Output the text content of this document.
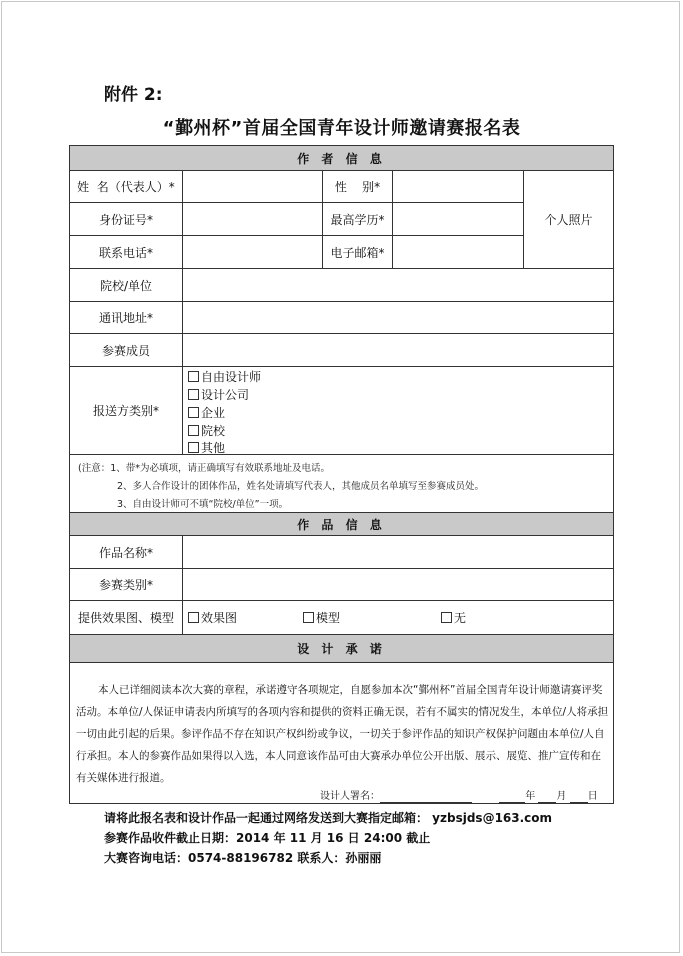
附件 2:
“鄞州杯”首届全国青年设计师邀请赛报名表
作 者 信 息
姓  名（代表人）*	性    别*
个人照片
身份证号*	最高学历*
联系电话*	电子邮箱*
院校/单位
通讯地址*
参赛成员
报送方类别*
自由设计师
设计公司
企业
院校
其他
(注意：1、带*为必填项，请正确填写有效联系地址及电话。
2、多人合作设计的团体作品，姓名处请填写代表人，其他成员名单填写至参赛成员处。
3、自由设计师可不填“院校/单位”一项。
作 品 信 息
作品名称*
参赛类别*
提供效果图、模型	效果图	模型	无
设 计 承 诺
本人已详细阅读本次大赛的章程，承诺遵守各项规定，自愿参加本次“鄞州杯”首届全国青年设计师邀请赛评奖活动。本单位/人保证申请表内所填写的各项内容和提供的资料正确无误，若有不属实的情况发生，本单位/人将承担一切由此引起的后果。参评作品不存在知识产权纠纷或争议，一切关于参评作品的知识产权保护问题由本单位/人自行承担。本人的参赛作品如果得以入选，本人同意该作品可由大赛承办单位公开出版、展示、展览、推广宣传和在有关媒体进行报道。
设计人署名：	年 月 日
请将此报名表和设计作品一起通过网络发送到大赛指定邮箱： yzbsjds@163.com
参赛作品收件截止日期：2014 年 11 月 16 日 24:00 截止
大赛咨询电话：0574-88196782 联系人：孙丽丽
